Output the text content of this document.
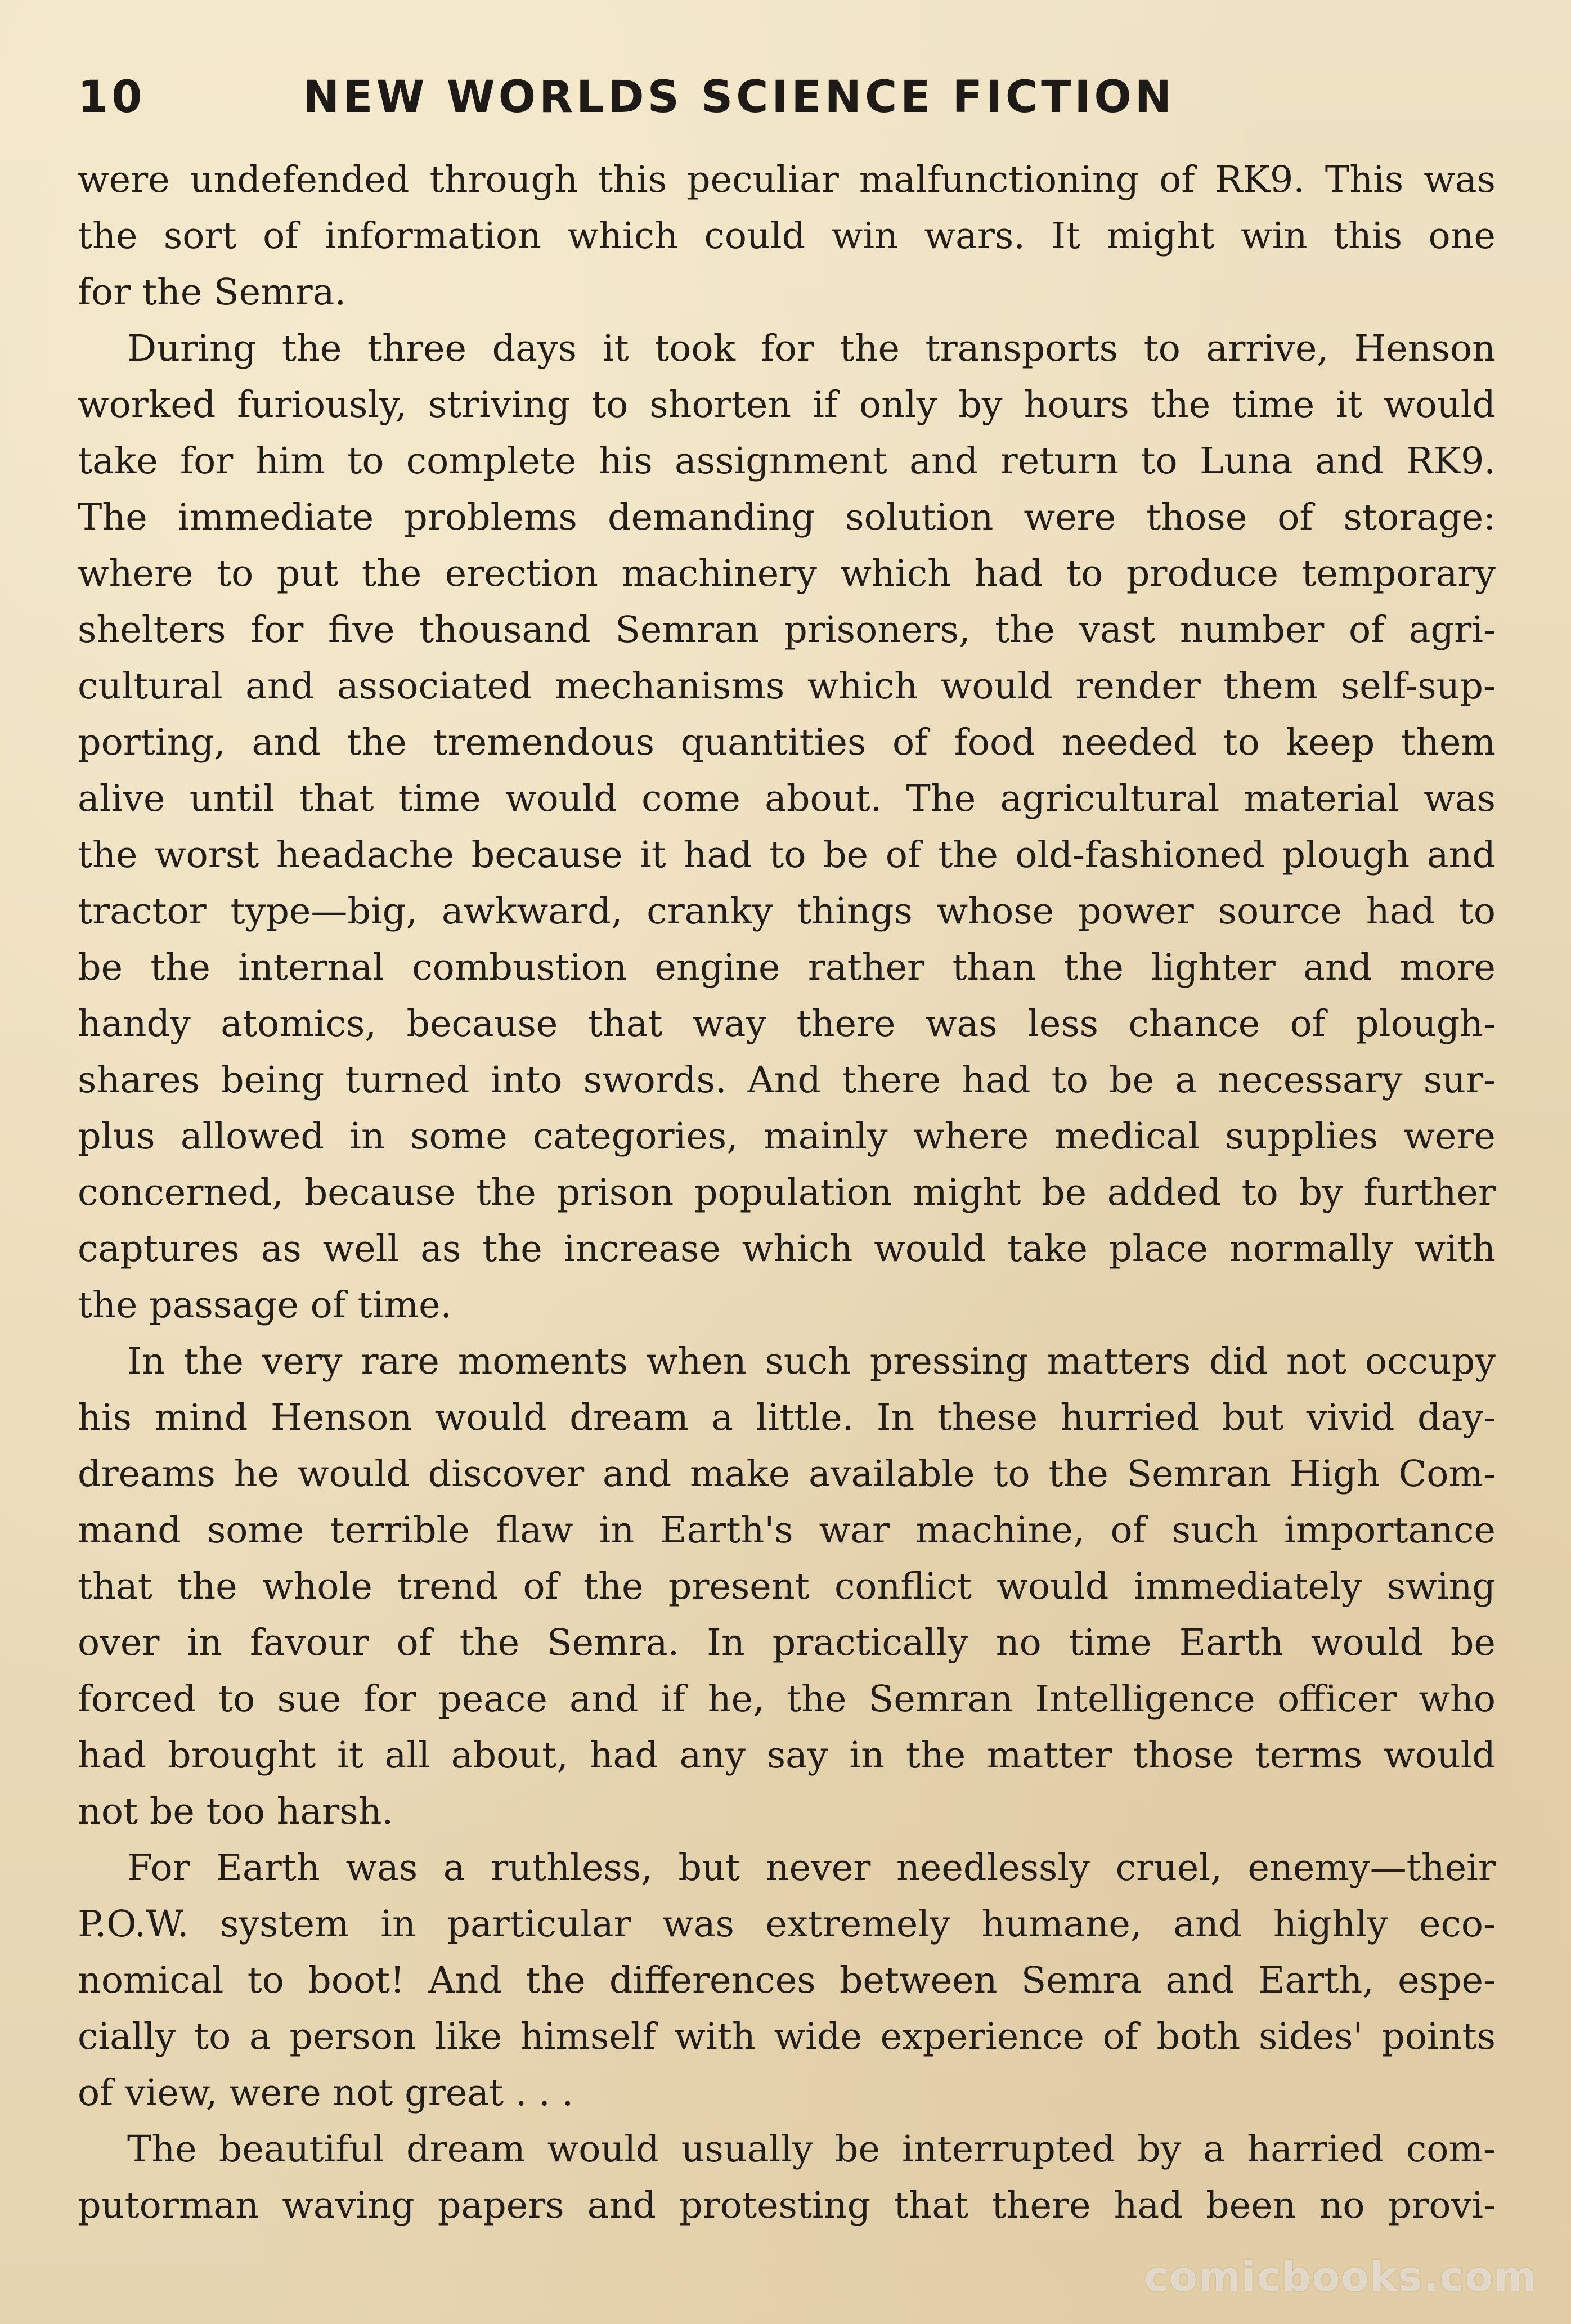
10	NEW WORLDS SCIENCE FICTION

were undefended through this peculiar malfunctioning of RK9. This was
the sort of information which could win wars. It might win this one
for the Semra.

During the three days it took for the transports to arrive, Henson
worked furiously, striving to shorten if only by hours the time it would
take for him to complete his assignment and return to Luna and RK9.
The immediate problems demanding solution were those of storage:
where to put the erection machinery which had to produce temporary
shelters for five thousand Semran prisoners, the vast number of agri-
cultural and associated mechanisms which would render them self-sup-
porting, and the tremendous quantities of food needed to keep them
alive until that time would come about. The agricultural material was
the worst headache because it had to be of the old-fashioned plough and
tractor type—big, awkward, cranky things whose power source had to
be the internal combustion engine rather than the lighter and more
handy atomics, because that way there was less chance of plough-
shares being turned into swords. And there had to be a necessary sur-
plus allowed in some categories, mainly where medical supplies were
concerned, because the prison population might be added to by further
captures as well as the increase which would take place normally with
the passage of time.

In the very rare moments when such pressing matters did not occupy
his mind Henson would dream a little. In these hurried but vivid day-
dreams he would discover and make available to the Semran High Com-
mand some terrible flaw in Earth's war machine, of such importance
that the whole trend of the present conflict would immediately swing
over in favour of the Semra. In practically no time Earth would be
forced to sue for peace and if he, the Semran Intelligence officer who
had brought it all about, had any say in the matter those terms would
not be too harsh.

For Earth was a ruthless, but never needlessly cruel, enemy—their
P.O.W. system in particular was extremely humane, and highly eco-
nomical to boot! And the differences between Semra and Earth, espe-
cially to a person like himself with wide experience of both sides' points
of view, were not great . . .

The beautiful dream would usually be interrupted by a harried com-
putorman waving papers and protesting that there had been no provi-

comicbooks.com
